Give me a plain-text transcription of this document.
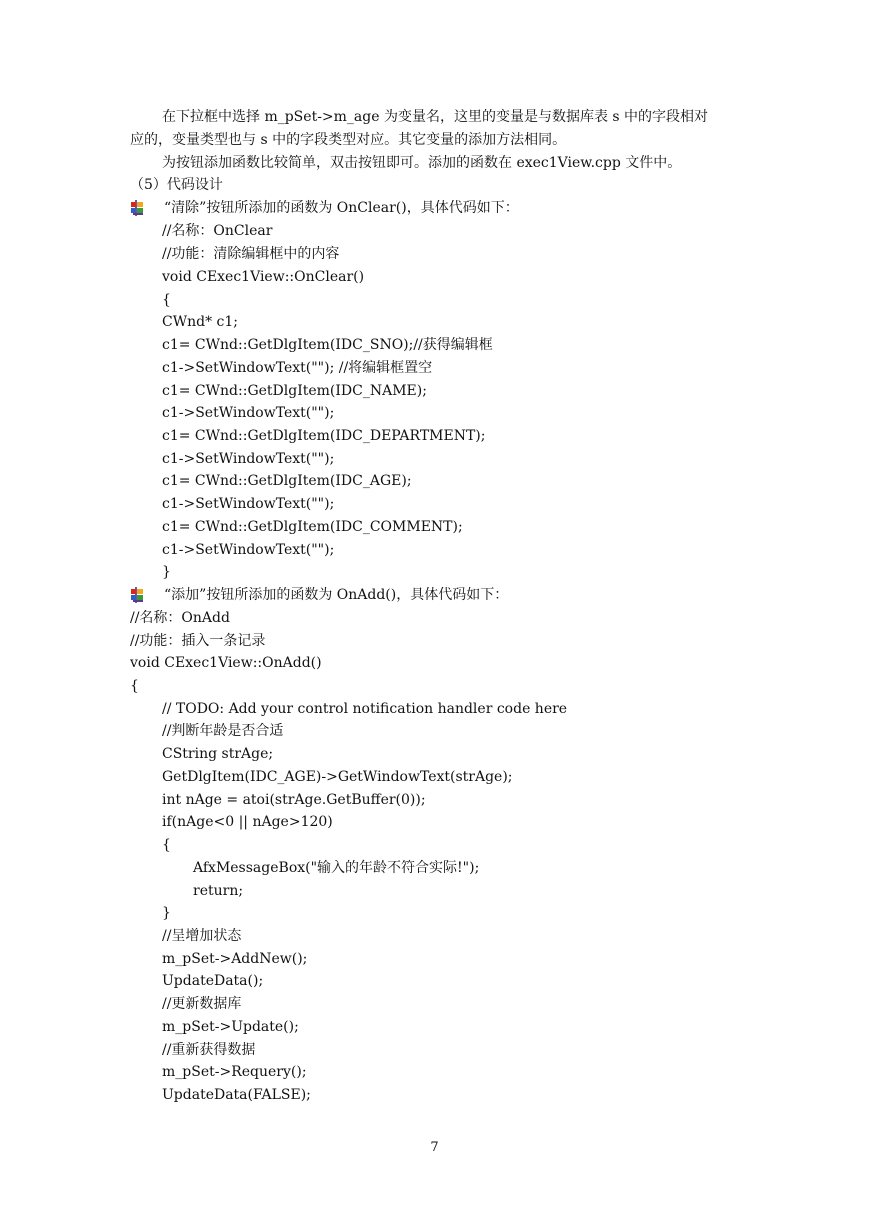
在下拉框中选择 m_pSet->m_age 为变量名，这里的变量是与数据库表 s 中的字段相对
应的，变量类型也与 s 中的字段类型对应。其它变量的添加方法相同。
为按钮添加函数比较简单，双击按钮即可。添加的函数在 exec1View.cpp 文件中。
（5）代码设计
“清除”按钮所添加的函数为 OnClear()，具体代码如下：
//名称：OnClear
//功能：清除编辑框中的内容
void CExec1View::OnClear()
{
CWnd* c1;
c1= CWnd::GetDlgItem(IDC_SNO);//获得编辑框
c1->SetWindowText(""); //将编辑框置空
c1= CWnd::GetDlgItem(IDC_NAME);
c1->SetWindowText("");
c1= CWnd::GetDlgItem(IDC_DEPARTMENT);
c1->SetWindowText("");
c1= CWnd::GetDlgItem(IDC_AGE);
c1->SetWindowText("");
c1= CWnd::GetDlgItem(IDC_COMMENT);
c1->SetWindowText("");
}
“添加”按钮所添加的函数为 OnAdd()，具体代码如下：
//名称：OnAdd
//功能：插入一条记录
void CExec1View::OnAdd()
{
// TODO: Add your control notification handler code here
//判断年龄是否合适
CString strAge;
GetDlgItem(IDC_AGE)->GetWindowText(strAge);
int nAge = atoi(strAge.GetBuffer(0));
if(nAge<0 || nAge>120)
{
AfxMessageBox("输入的年龄不符合实际!");
return;
}
//呈增加状态
m_pSet->AddNew();
UpdateData();
//更新数据库
m_pSet->Update();
//重新获得数据
m_pSet->Requery();
UpdateData(FALSE);
7
